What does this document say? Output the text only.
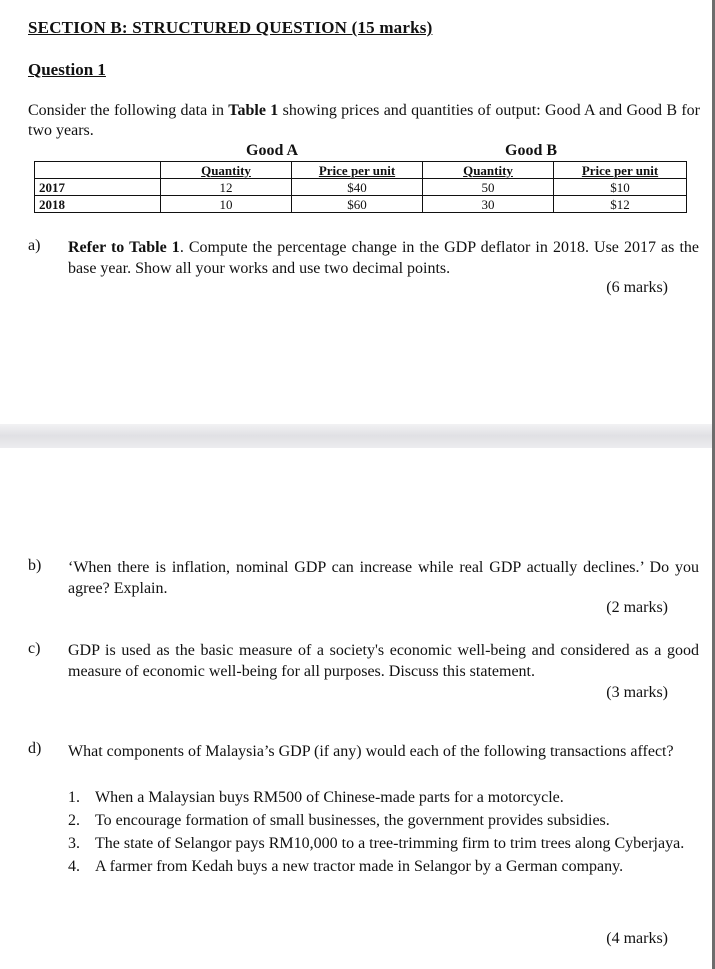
SECTION B: STRUCTURED QUESTION (15 marks)
Question 1
Consider the following data in Table 1 showing prices and quantities of output: Good A and Good B for two years.
Good A	Good B
	Quantity	Price per unit	Quantity	Price per unit
2017	12	$40	50	$10
2018	10	$60	30	$12
a) Refer to Table 1. Compute the percentage change in the GDP deflator in 2018. Use 2017 as the base year. Show all your works and use two decimal points.
(6 marks)
b) ‘When there is inflation, nominal GDP can increase while real GDP actually declines.’ Do you agree? Explain.
(2 marks)
c) GDP is used as the basic measure of a society's economic well-being and considered as a good measure of economic well-being for all purposes. Discuss this statement.
(3 marks)
d) What components of Malaysia’s GDP (if any) would each of the following transactions affect?
1. When a Malaysian buys RM500 of Chinese-made parts for a motorcycle.
2. To encourage formation of small businesses, the government provides subsidies.
3. The state of Selangor pays RM10,000 to a tree-trimming firm to trim trees along Cyberjaya.
4. A farmer from Kedah buys a new tractor made in Selangor by a German company.
(4 marks)
